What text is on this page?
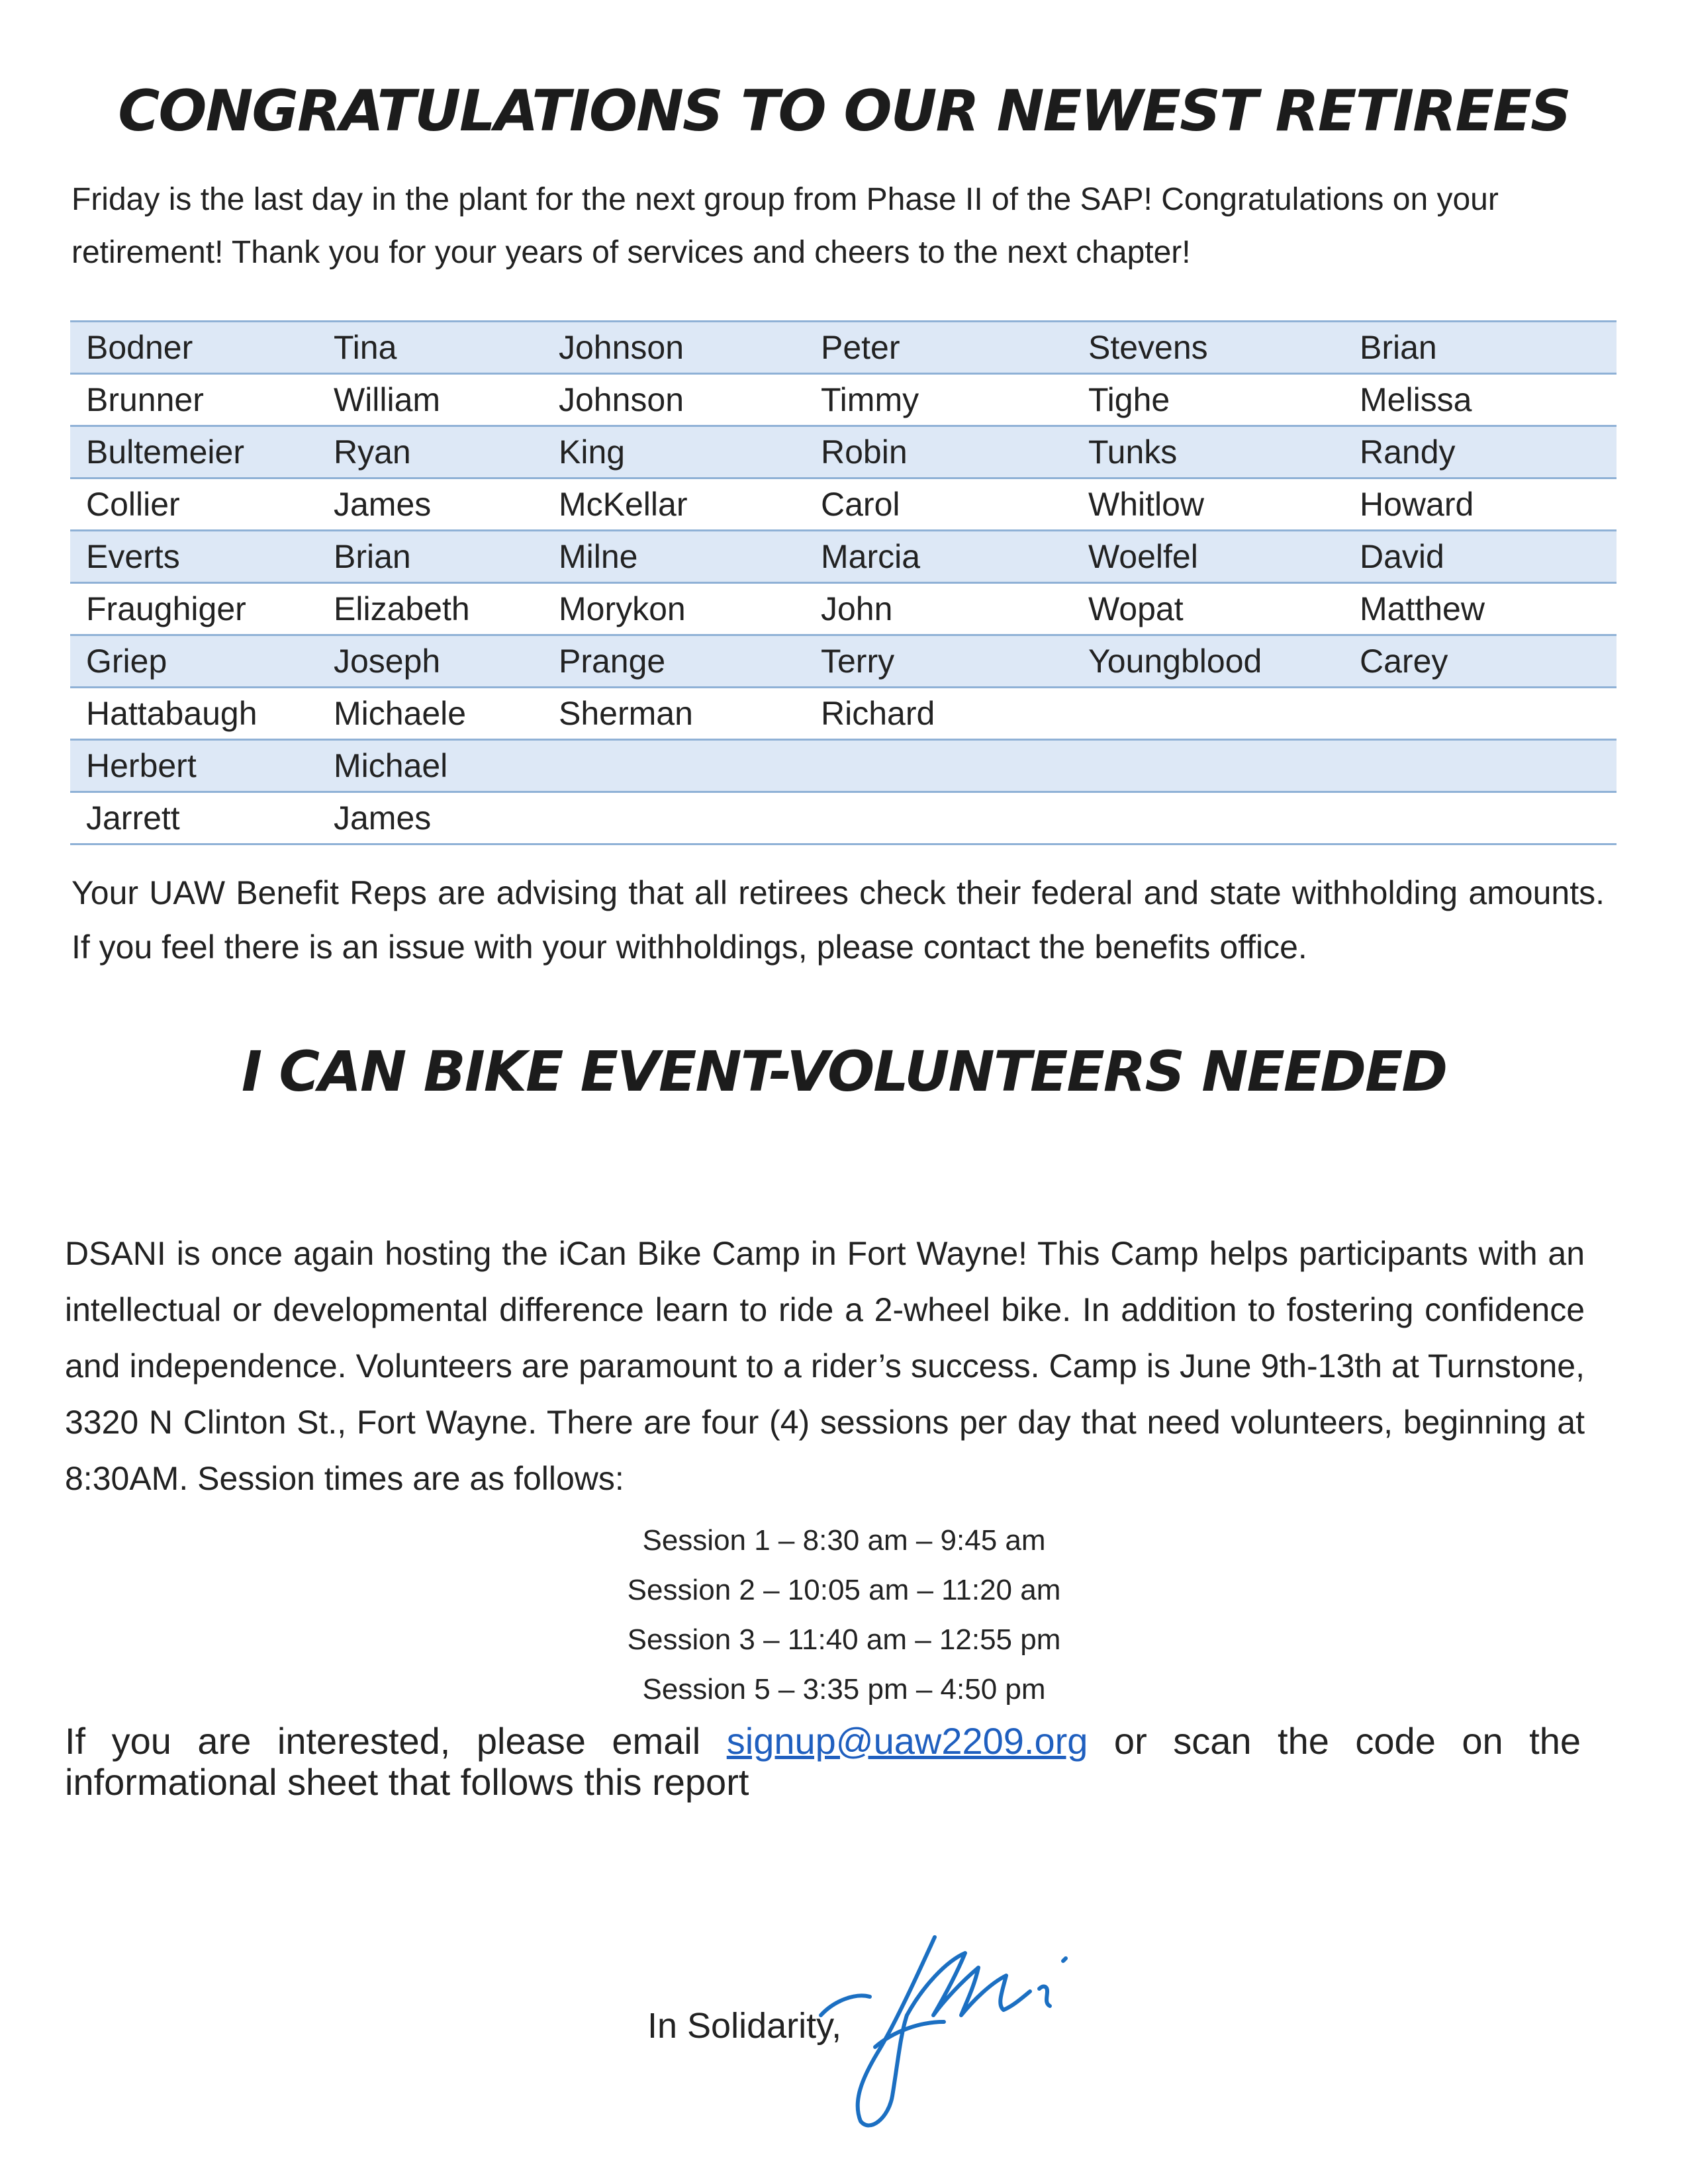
CONGRATULATIONS TO OUR NEWEST RETIREES

Friday is the last day in the plant for the next group from Phase II of the SAP! Congratulations on your retirement! Thank you for your years of services and cheers to the next chapter!

Bodner	Tina	Johnson	Peter	Stevens	Brian
Brunner	William	Johnson	Timmy	Tighe	Melissa
Bultemeier	Ryan	King	Robin	Tunks	Randy
Collier	James	McKellar	Carol	Whitlow	Howard
Everts	Brian	Milne	Marcia	Woelfel	David
Fraughiger	Elizabeth	Morykon	John	Wopat	Matthew
Griep	Joseph	Prange	Terry	Youngblood	Carey
Hattabaugh	Michaele	Sherman	Richard		
Herbert	Michael				
Jarrett	James				

Your UAW Benefit Reps are advising that all retirees check their federal and state withholding amounts. If you feel there is an issue with your withholdings, please contact the benefits office.

I CAN BIKE EVENT-VOLUNTEERS NEEDED

DSANI is once again hosting the iCan Bike Camp in Fort Wayne! This Camp helps participants with an intellectual or developmental difference learn to ride a 2-wheel bike. In addition to fostering confidence and independence. Volunteers are paramount to a rider’s success. Camp is June 9th-13th at Turnstone, 3320 N Clinton St., Fort Wayne. There are four (4) sessions per day that need volunteers, beginning at 8:30AM. Session times are as follows:

Session 1 – 8:30 am – 9:45 am
Session 2 – 10:05 am – 11:20 am
Session 3 – 11:40 am – 12:55 pm
Session 5 – 3:35 pm – 4:50 pm

If you are interested, please email signup@uaw2209.org or scan the code on the informational sheet that follows this report

In Solidarity,
